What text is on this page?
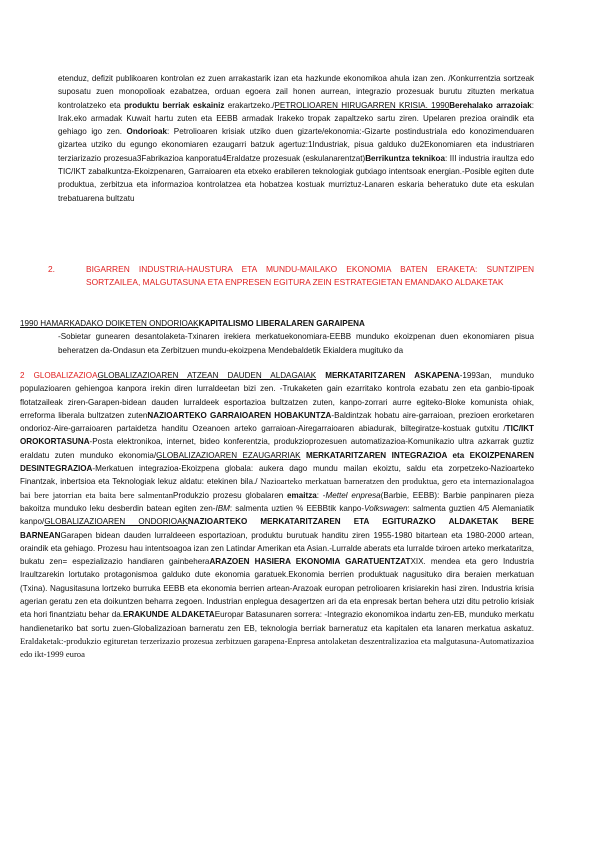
etenduz, defizit publikoaren kontrolan ez zuen arrakastarik izan eta hazkunde ekonomikoa ahula izan zen. /Konkurrentzia sortzeak suposatu zuen monopolioak ezabatzea, orduan egoera zail honen aurrean, integrazio prozesuak burutu zituzten merkatua kontrolatzeko eta produktu berriak eskainiz erakartzeko./PETROLIOAREN HIRUGARREN KRISIA. 1990Berehalako arrazoiak: Irak.eko armadak Kuwait hartu zuten eta EEBB armadak Irakeko tropak zapaltzeko sartu ziren. Upelaren prezioa oraindik eta gehiago igo zen. Ondorioak: Petrolioaren krisiak utziko duen gizarte/ekonomia:-Gizarte postindustriala edo konozimenduaren gizartea utziko du egungo ekonomiaren ezaugarri batzuk agertuz:1Industriak, pisua galduko du2Ekonomiaren eta industriaren terziarizazio prozesua3Fabrikazioa kanporatu4Eraldatze prozesuak (eskulanarentzat)Berrikuntza teknikoa: III industria iraultza edo TIC/IKT zabalkuntza-Ekoizpenaren, Garraioaren eta etxeko erabileren teknologiak gutxiago intentsoak energian.-Posible egiten dute produktua, zerbitzua eta informazioa kontrolatzea eta hobatzea kostuak murriztuz-Lanaren eskaria beheratuko dute eta eskulan trebatuarena bultzatu

2.	BIGARREN INDUSTRIA-HAUSTURA ETA MUNDU-MAILAKO EKONOMIA BATEN ERAKETA: SUNTZIPEN SORTZAILEA, MALGUTASUNA ETA ENPRESEN EGITURA ZEIN ESTRATEGIETAN EMANDAKO ALDAKETAK

1990 HAMARKADAKO DOIKETEN ONDORIOAKKAPITALISMO LIBERALAREN GARAIPENA
-Sobietar gunearen desantolaketa-Txinaren irekiera merkatuekonomiara-EEBB munduko ekoizpenan duen ekonomiaren pisua beheratzen da-Ondasun eta Zerbitzuen mundu-ekoizpena Mendebaldetik Ekialdera mugituko da

2 GLOBALIZAZIOAGLOBALIZAZIOAREN ATZEAN DAUDEN ALDAGAIAK MERKATARITZAREN ASKAPENA-1993an, munduko populazioaren gehiengoa kanpora irekin diren lurraldeetan bizi zen. -Trukaketen gain ezarritako kontrola ezabatu zen eta ganbio-tipoak flotatzaileak ziren-Garapen-bidean dauden lurraldeek esportazioa bultzatzen zuten, kanpo-zorrari aurre egiteko-Bloke komunista ohiak, erreforma liberala bultzatzen zutenNAZIOARTEKO GARRAIOAREN HOBAKUNTZA-Baldintzak hobatu aire-garraioan, prezioen erorketaren ondorioz-Aire-garraioaren partaidetza handitu Ozeanoen arteko garraioan-Airegarraioaren abiadurak, biltegiratze-kostuak gutxitu /TIC/IKT OROKORTASUNA-Posta elektronikoa, internet, bideo konferentzia, produkzioprozesuen automatizazioa-Komunikazio ultra azkarrak guztiz eraldatu zuten munduko ekonomia/GLOBALIZAZIOAREN EZAUGARRIAK MERKATARITZAREN INTEGRAZIOA eta EKOIZPENAREN DESINTEGRAZIOA-Merkatuen integrazioa-Ekoizpena globala: aukera dago mundu mailan ekoiztu, saldu eta zorpetzeko-Nazioarteko Finantzak, inbertsioa eta Teknologiak lekuz aldatu: etekinen bila./ Nazioarteko merkatuan barneratzen den produktua, gero eta internazionalagoa bai bere jatorrian eta baita bere salmentanProdukzio prozesu globalaren emaitza: -Mettel enpresa(Barbie, EEBB): Barbie panpinaren pieza bakoitza munduko leku desberdin batean egiten zen-IBM: salmenta uztien % EEBBtik kanpo-Volkswagen: salmenta guztien 4/5 Alemaniatik kanpo/GLOBALIZAZIOAREN ONDORIOAKNAZIOARTEKO MERKATARITZAREN ETA EGITURAZKO ALDAKETAK BERE BARNEANGarapen bidean dauden lurraldeeen esportazioan, produktu burutuak handitu ziren 1955-1980 bitartean eta 1980-2000 artean, oraindik eta gehiago. Prozesu hau intentsoagoa izan zen Latindar Amerikan eta Asian.-Lurralde aberats eta lurralde txiroen arteko merkataritza, bukatu zen= espezializazio handiaren gainbeheraARAZOEN HASIERA EKONOMIA GARATUENTZATXIX. mendea eta gero Industria Iraultzarekin lortutako protagonismoa galduko dute ekonomia garatuek.Ekonomia berrien produktuak nagusituko dira beraien merkatuan (Txina). Nagusitasuna lortzeko burruka EEBB eta ekonomia berrien artean-Arazoak europan petrolioaren krisiarekin hasi ziren. Industria krisia agerian geratu zen eta doikuntzen beharra zegoen. Industrian enplegua desagertzen ari da eta enpresak bertan behera utzi ditu petrolio krisiak eta hori finantziatu behar da.ERAKUNDE ALDAKETAEuropar Batasunaren sorrera: -Integrazio ekonomikoa indartu zen-EB, munduko merkatu handienetariko bat sortu zuen-Globalizazioan barneratu zen EB, teknologia berriak barneratuz eta kapitalen eta lanaren merkatua askatuz. Eraldaketak:-produkzio egituretan terzerizazio prozesua zerbitzuen garapena-Enpresa antolaketan deszentralizazioa eta malgutasuna-Automatizazioa edo ikt-1999 euroa
